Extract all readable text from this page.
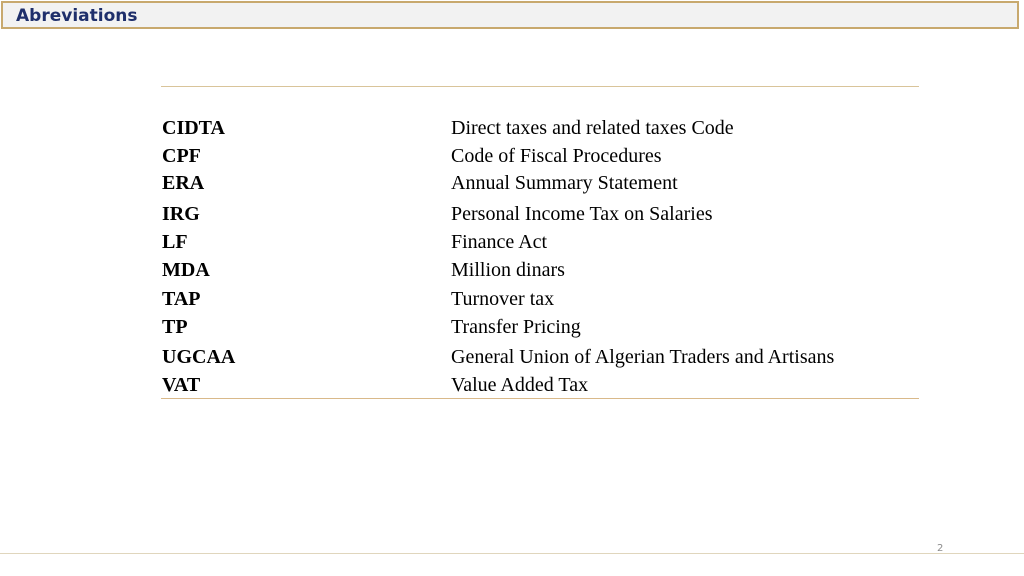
Abreviations
CIDTA	Direct taxes and related taxes Code
CPF	Code of Fiscal Procedures
ERA	Annual Summary Statement
IRG	Personal Income Tax on Salaries
LF	Finance Act
MDA	Million dinars
TAP	Turnover tax
TP	Transfer Pricing
UGCAA	General Union of Algerian Traders and Artisans
VAT	Value Added Tax
2
